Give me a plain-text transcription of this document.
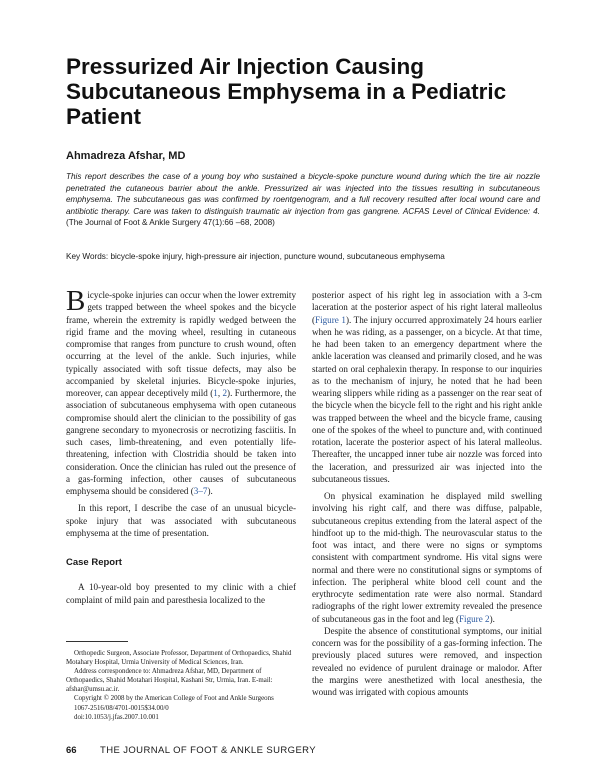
Pressurized Air Injection Causing Subcutaneous Emphysema in a Pediatric Patient
Ahmadreza Afshar, MD

This report describes the case of a young boy who sustained a bicycle-spoke puncture wound during which the tire air nozzle penetrated the cutaneous barrier about the ankle. Pressurized air was injected into the tissues resulting in subcutaneous emphysema. The subcutaneous gas was confirmed by roentgenogram, and a full recovery resulted after local wound care and antibiotic therapy. Care was taken to distinguish traumatic air injection from gas gangrene. ACFAS Level of Clinical Evidence: 4. (The Journal of Foot & Ankle Surgery 47(1):66 –68, 2008)

Key Words: bicycle-spoke injury, high-pressure air injection, puncture wound, subcutaneous emphysema

Bicycle-spoke injuries can occur when the lower extremity gets trapped between the wheel spokes and the bicycle frame, wherein the extremity is rapidly wedged between the rigid frame and the moving wheel, resulting in cutaneous compromise that ranges from puncture to crush wound, often occurring at the level of the ankle. Such injuries, while typically associated with soft tissue defects, may also be accompanied by skeletal injuries. Bicycle-spoke injuries, moreover, can appear deceptively mild (1, 2). Furthermore, the association of subcutaneous emphysema with open cutaneous compromise should alert the clinician to the possibility of gas gangrene secondary to myonecrosis or necrotizing fasciitis. In such cases, limb-threatening, and even potentially life-threatening, infection with Clostridia should be taken into consideration. Once the clinician has ruled out the presence of a gas-forming infection, other causes of subcutaneous emphysema should be considered (3–7).

In this report, I describe the case of an unusual bicycle-spoke injury that was associated with subcutaneous emphysema at the time of presentation.

Case Report

A 10-year-old boy presented to my clinic with a chief complaint of mild pain and paresthesia localized to the

posterior aspect of his right leg in association with a 3-cm laceration at the posterior aspect of his right lateral malleolus (Figure 1). The injury occurred approximately 24 hours earlier when he was riding, as a passenger, on a bicycle. At that time, he had been taken to an emergency department where the ankle laceration was cleansed and primarily closed, and he was started on oral cephalexin therapy. In response to our inquiries as to the mechanism of injury, he noted that he had been wearing slippers while riding as a passenger on the rear seat of the bicycle when the bicycle fell to the right and his right ankle was trapped between the wheel and the bicycle frame, causing one of the spokes of the wheel to puncture and, with continued rotation, lacerate the posterior aspect of his lateral malleolus. Thereafter, the uncapped inner tube air nozzle was forced into the laceration, and pressurized air was injected into the subcutaneous tissues.

On physical examination he displayed mild swelling involving his right calf, and there was diffuse, palpable, subcutaneous crepitus extending from the lateral aspect of the hindfoot up to the mid-thigh. The neurovascular status to the foot was intact, and there were no signs or symptoms consistent with compartment syndrome. His vital signs were normal and there were no constitutional signs or symptoms of infection. The peripheral white blood cell count and the erythrocyte sedimentation rate were also normal. Standard radiographs of the right lower extremity revealed the presence of subcutaneous gas in the foot and leg (Figure 2).

Despite the absence of constitutional symptoms, our initial concern was for the possibility of a gas-forming infection. The previously placed sutures were removed, and inspection revealed no evidence of purulent drainage or malodor. After the margins were anesthetized with local anesthesia, the wound was irrigated with copious amounts

Orthopedic Surgeon, Associate Professor, Department of Orthopaedics, Shahid Motahary Hospital, Urmia University of Medical Sciences, Iran.

Address correspondence to: Ahmadreza Afshar, MD, Department of Orthopaedics, Shahid Motahari Hospital, Kashani Str, Urmia, Iran. E-mail: afshar@umsu.ac.ir.

Copyright © 2008 by the American College of Foot and Ankle Surgeons

1067-2516/08/4701-0015$34.00/0

doi:10.1053/j.jfas.2007.10.001

66 THE JOURNAL OF FOOT & ANKLE SURGERY
